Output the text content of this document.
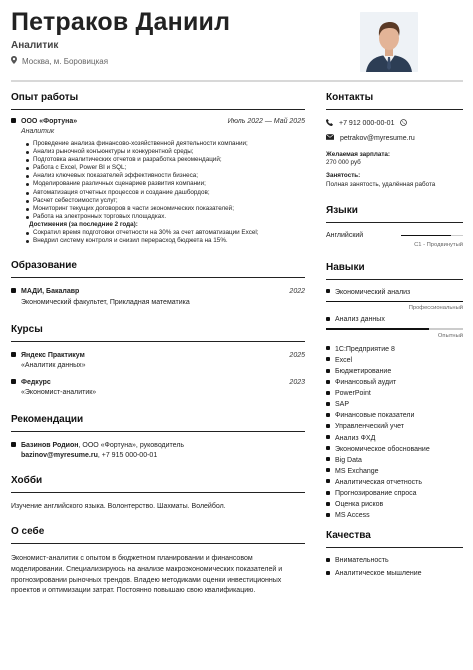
Петраков Даниил
Аналитик
Москва, м. Боровицкая
Опыт работы
ООО «Фортуна»	Июль 2022 — Май 2025
Аналитик
Проведение анализа финансово-хозяйственной деятельности компании;
Анализ рыночной конъюнктуры и конкурентной среды;
Подготовка аналитических отчетов и разработка рекомендаций;
Работа с Excel, Power BI и SQL;
Анализ ключевых показателей эффективности бизнеса;
Моделирование различных сценариев развития компании;
Автоматизация отчетных процессов и создание дашбордов;
Расчет себестоимости услуг;
Мониторинг текущих договоров в части экономических показателей;
Работа на электронных торговых площадках.
Достижения (за последние 2 года):
Сократил время подготовки отчетности на 30% за счет автоматизации Excel;
Внедрил систему контроля и снизил перерасход бюджета на 15%.
Образование
МАДИ, Бакалавр	2022
Экономический факультет, Прикладная математика
Курсы
Яндекс Практикум	2025
«Аналитик данных»
Федкурс	2023
«Экономист-аналитик»
Рекомендации
Базинов Родион, ООО «Фортуна», руководитель
bazinov@myresume.ru, +7 915 000-00-01
Хобби
Изучение английского языка. Волонтерство. Шахматы. Волейбол.
О себе
Экономист-аналитик с опытом в бюджетном планировании и финансовом моделировании. Специализируюсь на анализе макроэкономических показателей и прогнозировании рыночных трендов. Владею методиками оценки инвестиционных проектов и оптимизации затрат. Постоянно повышаю свою квалификацию.
Контакты
+7 912 000-00-01
petrakov@myresume.ru
Желаемая зарплата:
270 000 руб
Занятость:
Полная занятость, удалённая работа
Языки
Английский
С1 - Продвинутый
Навыки
Экономический анализ
Профессиональный
Анализ данных
Опытный
1С:Предприятие 8
Excel
Бюджетирование
Финансовый аудит
PowerPoint
SAP
Финансовые показатели
Управленческий учет
Анализ ФХД
Экономическое обоснование
Big Data
MS Exchange
Аналитическая отчетность
Прогнозирование спроса
Оценка рисков
MS Access
Качества
Внимательность
Аналитическое мышление
